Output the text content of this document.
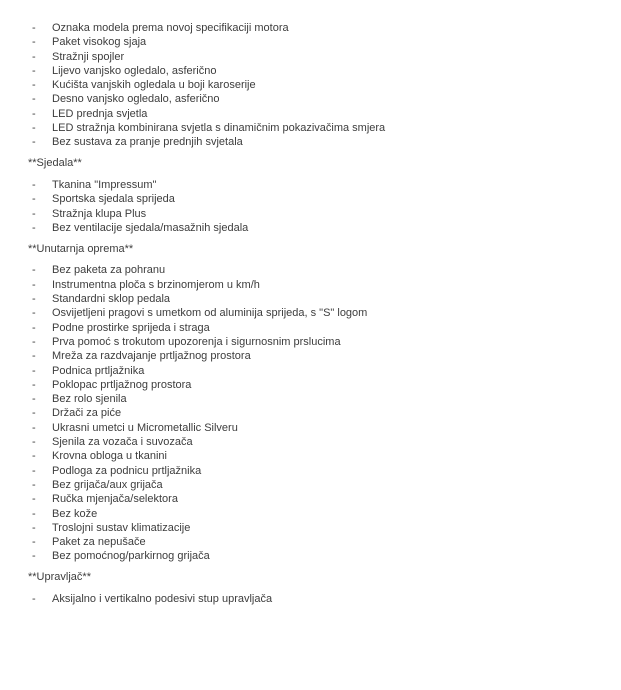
-	Oznaka modela prema novoj specifikaciji motora
-	Paket visokog sjaja
-	Stražnji spojler
-	Lijevo vanjsko ogledalo, asferično
-	Kućišta vanjskih ogledala u boji karoserije
-	Desno vanjsko ogledalo, asferično
-	LED prednja svjetla
-	LED stražnja kombinirana svjetla s dinamičnim pokazivačima smjera
-	Bez sustava za pranje prednjih svjetala
**Sjedala**
-	Tkanina "Impressum"
-	Sportska sjedala sprijeda
-	Stražnja klupa Plus
-	Bez ventilacije sjedala/masažnih sjedala
**Unutarnja oprema**
-	Bez paketa za pohranu
-	Instrumentna ploča s brzinomjerom u km/h
-	Standardni sklop pedala
-	Osvijetljeni pragovi s umetkom od aluminija sprijeda, s "S" logom
-	Podne prostirke sprijeda i straga
-	Prva pomoć s trokutom upozorenja i sigurnosnim prslucima
-	Mreža za razdvajanje prtljažnog prostora
-	Podnica prtljažnika
-	Poklopac prtljažnog prostora
-	Bez rolo sjenila
-	Držači za piće
-	Ukrasni umetci u Micrometallic Silveru
-	Sjenila za vozača i suvozača
-	Krovna obloga u tkanini
-	Podloga za podnicu prtljažnika
-	Bez grijača/aux grijača
-	Ručka mjenjača/selektora
-	Bez kože
-	Troslojni sustav klimatizacije
-	Paket za nepušače
-	Bez pomoćnog/parkirnog grijača
**Upravljač**
-	Aksijalno i vertikalno podesivi stup upravljača
